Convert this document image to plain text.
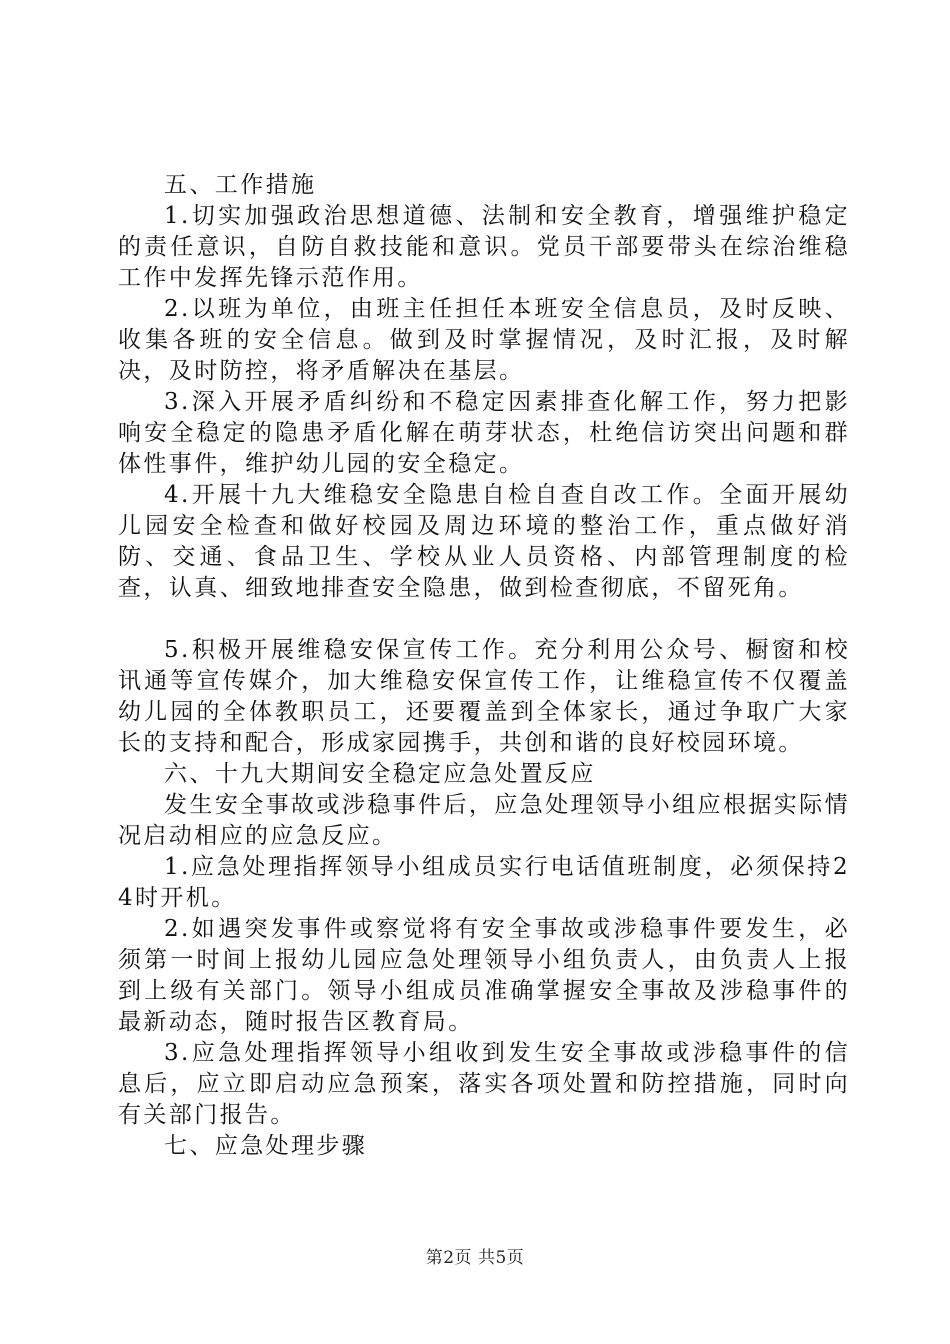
五、工作措施

1.切实加强政治思想道德、法制和安全教育，增强维护稳定的责任意识，自防自救技能和意识。党员干部要带头在综治维稳工作中发挥先锋示范作用。

2.以班为单位，由班主任担任本班安全信息员，及时反映、收集各班的安全信息。做到及时掌握情况，及时汇报，及时解决，及时防控，将矛盾解决在基层。

3.深入开展矛盾纠纷和不稳定因素排查化解工作，努力把影响安全稳定的隐患矛盾化解在萌芽状态，杜绝信访突出问题和群体性事件，维护幼儿园的安全稳定。

4.开展十九大维稳安全隐患自检自查自改工作。全面开展幼儿园安全检查和做好校园及周边环境的整治工作，重点做好消防、交通、食品卫生、学校从业人员资格、内部管理制度的检查，认真、细致地排查安全隐患，做到检查彻底，不留死角。

5.积极开展维稳安保宣传工作。充分利用公众号、橱窗和校讯通等宣传媒介，加大维稳安保宣传工作，让维稳宣传不仅覆盖幼儿园的全体教职员工，还要覆盖到全体家长，通过争取广大家长的支持和配合，形成家园携手，共创和谐的良好校园环境。

六、十九大期间安全稳定应急处置反应

发生安全事故或涉稳事件后，应急处理领导小组应根据实际情况启动相应的应急反应。

1.应急处理指挥领导小组成员实行电话值班制度，必须保持24时开机。

2.如遇突发事件或察觉将有安全事故或涉稳事件要发生，必须第一时间上报幼儿园应急处理领导小组负责人，由负责人上报到上级有关部门。领导小组成员准确掌握安全事故及涉稳事件的最新动态，随时报告区教育局。

3.应急处理指挥领导小组收到发生安全事故或涉稳事件的信息后，应立即启动应急预案，落实各项处置和防控措施，同时向有关部门报告。

七、应急处理步骤

第2页 共5页
